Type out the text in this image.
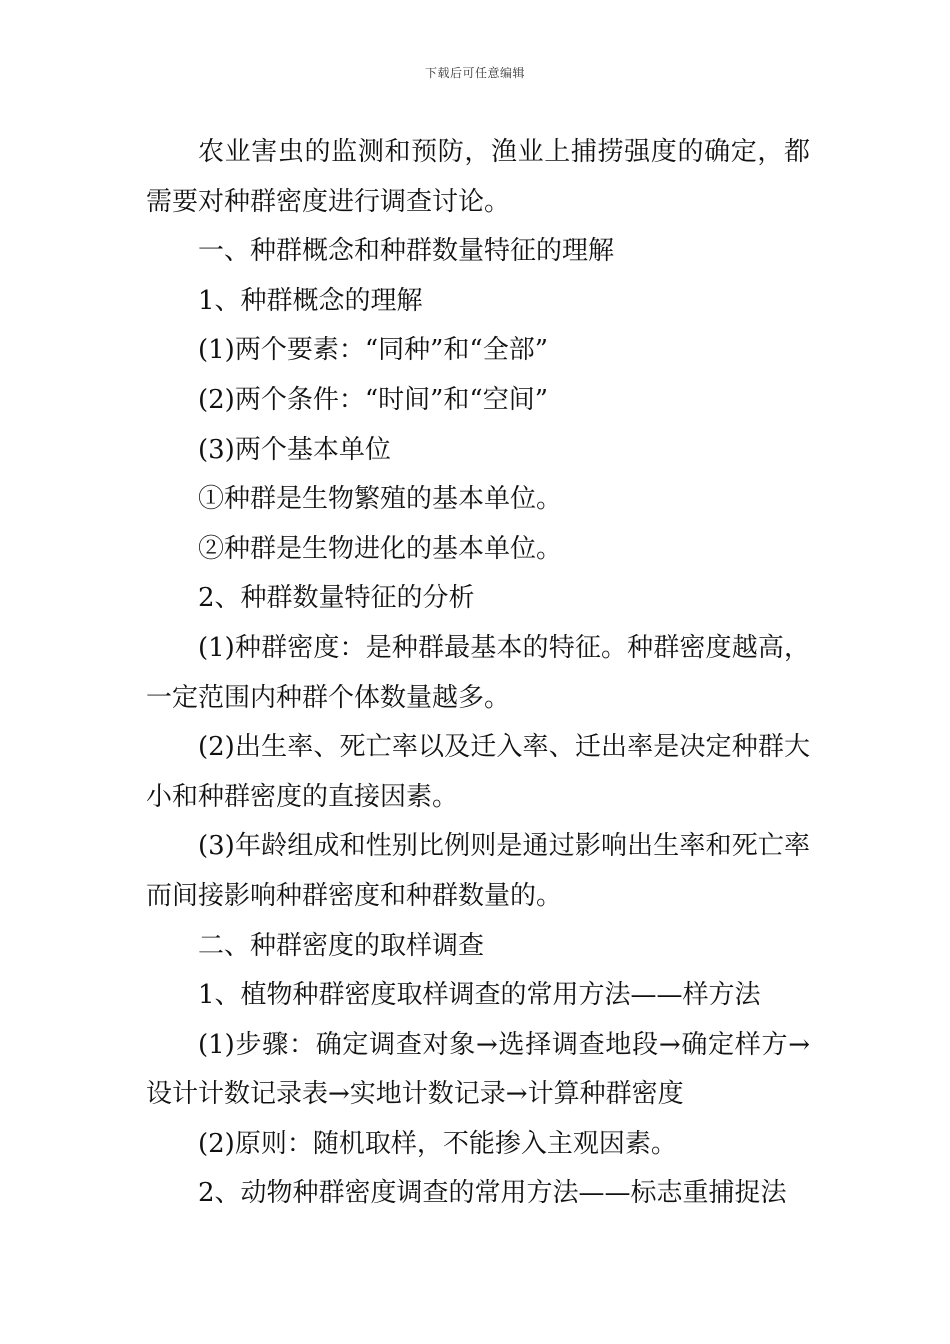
下载后可任意编辑

农业害虫的监测和预防，渔业上捕捞强度的确定，都需要对种群密度进行调查讨论。

一、种群概念和种群数量特征的理解

1、种群概念的理解

(1)两个要素：“同种”和“全部”

(2)两个条件：“时间”和“空间”

(3)两个基本单位

①种群是生物繁殖的基本单位。

②种群是生物进化的基本单位。

2、种群数量特征的分析

(1)种群密度：是种群最基本的特征。种群密度越高，一定范围内种群个体数量越多。

(2)出生率、死亡率以及迁入率、迁出率是决定种群大小和种群密度的直接因素。

(3)年龄组成和性别比例则是通过影响出生率和死亡率而间接影响种群密度和种群数量的。

二、种群密度的取样调查

1、植物种群密度取样调查的常用方法——样方法

(1)步骤：确定调查对象→选择调查地段→确定样方→设计计数记录表→实地计数记录→计算种群密度

(2)原则：随机取样，不能掺入主观因素。

2、动物种群密度调查的常用方法——标志重捕捉法
